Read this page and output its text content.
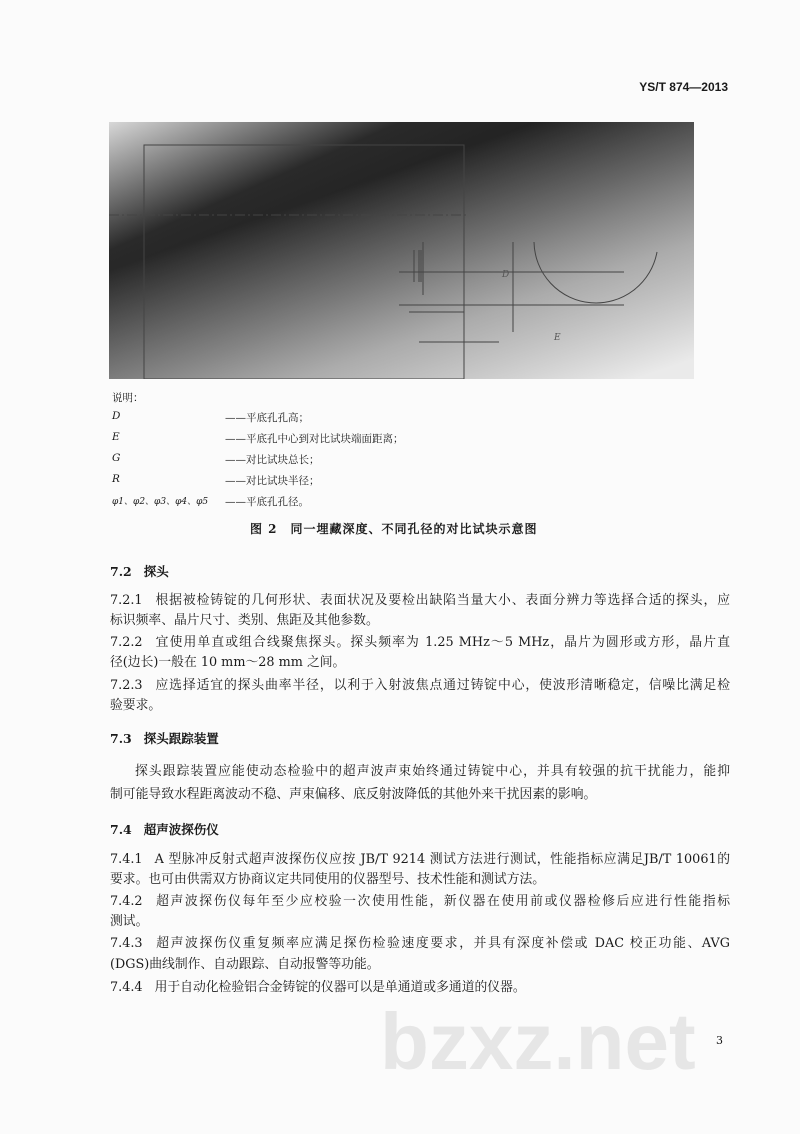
YS/T 874—2013
D
E
说明：
D	——平底孔孔高；
E	——平底孔中心到对比试块端面距离；
G	——对比试块总长；
R	——对比试块半径；
φ1、φ2、φ3、φ4、φ5 ——平底孔孔径。
图 2　同一埋藏深度、不同孔径的对比试块示意图
7.2 探头
7.2.1 根据被检铸锭的几何形状、表面状况及要检出缺陷当量大小、表面分辨力等选择合适的探头，应
标识频率、晶片尺寸、类别、焦距及其他参数。
7.2.2 宜使用单直或组合线聚焦探头。探头频率为 1.25 MHz～5 MHz，晶片为圆形或方形，晶片直
径(边长)一般在 10 mm～28 mm 之间。
7.2.3 应选择适宜的探头曲率半径，以利于入射波焦点通过铸锭中心，使波形清晰稳定，信噪比满足检
验要求。
7.3 探头跟踪装置
探头跟踪装置应能使动态检验中的超声波声束始终通过铸锭中心，并具有较强的抗干扰能力，能抑
制可能导致水程距离波动不稳、声束偏移、底反射波降低的其他外来干扰因素的影响。
7.4 超声波探伤仪
7.4.1 A 型脉冲反射式超声波探伤仪应按 JB/T 9214 测试方法进行测试，性能指标应满足JB/T 10061的
要求。也可由供需双方协商议定共同使用的仪器型号、技术性能和测试方法。
7.4.2 超声波探伤仪每年至少应校验一次使用性能，新仪器在使用前或仪器检修后应进行性能指标
测试。
7.4.3 超声波探伤仪重复频率应满足探伤检验速度要求，并具有深度补偿或 DAC 校正功能、AVG
(DGS)曲线制作、自动跟踪、自动报警等功能。
7.4.4 用于自动化检验铝合金铸锭的仪器可以是单通道或多通道的仪器。
bzxz.net 3
